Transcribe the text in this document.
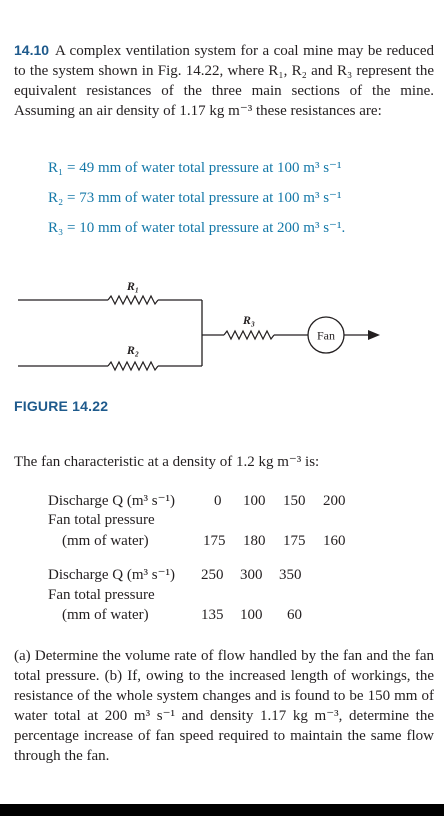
14.10 A complex ventilation system for a coal mine may be reduced to the system shown in Fig. 14.22, where R₁, R₂ and R₃ represent the equivalent resistances of the three main sections of the mine. Assuming an air density of 1.17 kg m⁻³ these resistances are:
R₁ = 49 mm of water total pressure at 100 m³ s⁻¹
R₂ = 73 mm of water total pressure at 100 m³ s⁻¹
R₃ = 10 mm of water total pressure at 200 m³ s⁻¹.
Fan
R₁
R₂
R₃
FIGURE 14.22
The fan characteristic at a density of 1.2 kg m⁻³ is:
Discharge Q (m³ s⁻¹)
Fan total pressure
(mm of water)
0 100 150 200
175 180 175 160
Discharge Q (m³ s⁻¹)
Fan total pressure
(mm of water)
250 300 350
135 100 60
(a) Determine the volume rate of flow handled by the fan and the fan total pressure. (b) If, owing to the increased length of workings, the resistance of the whole system changes and is found to be 150 mm of water total at 200 m³ s⁻¹ and density 1.17 kg m⁻³, determine the percentage increase of fan speed required to maintain the same flow through the fan.
